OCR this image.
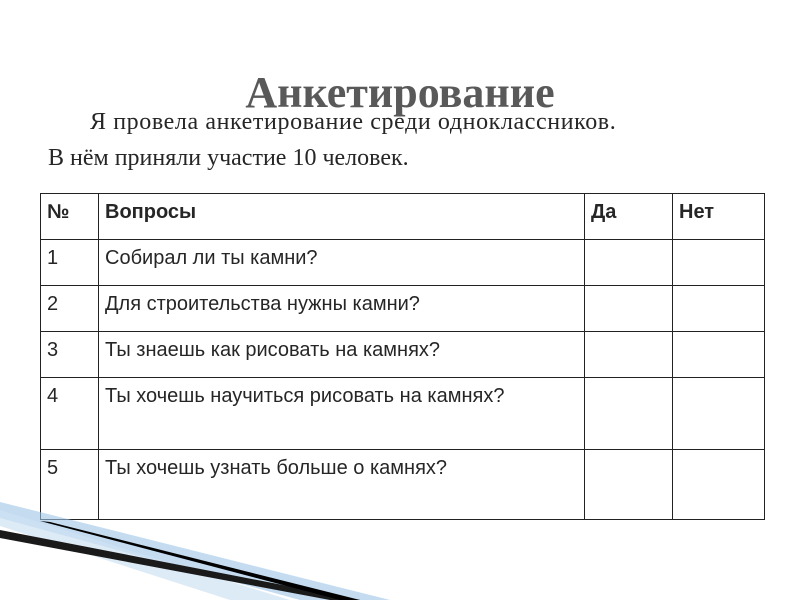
Анкетирование
Я провела анкетирование среди одноклассников.
В нём приняли участие 10 человек.
№	Вопросы	Да	Нет
1	Собирал ли ты камни?		
2	Для строительства нужны камни?		
3	Ты знаешь как рисовать на камнях?		
4	Ты хочешь научиться рисовать на камнях?		
5	Ты хочешь узнать больше о камнях?		
